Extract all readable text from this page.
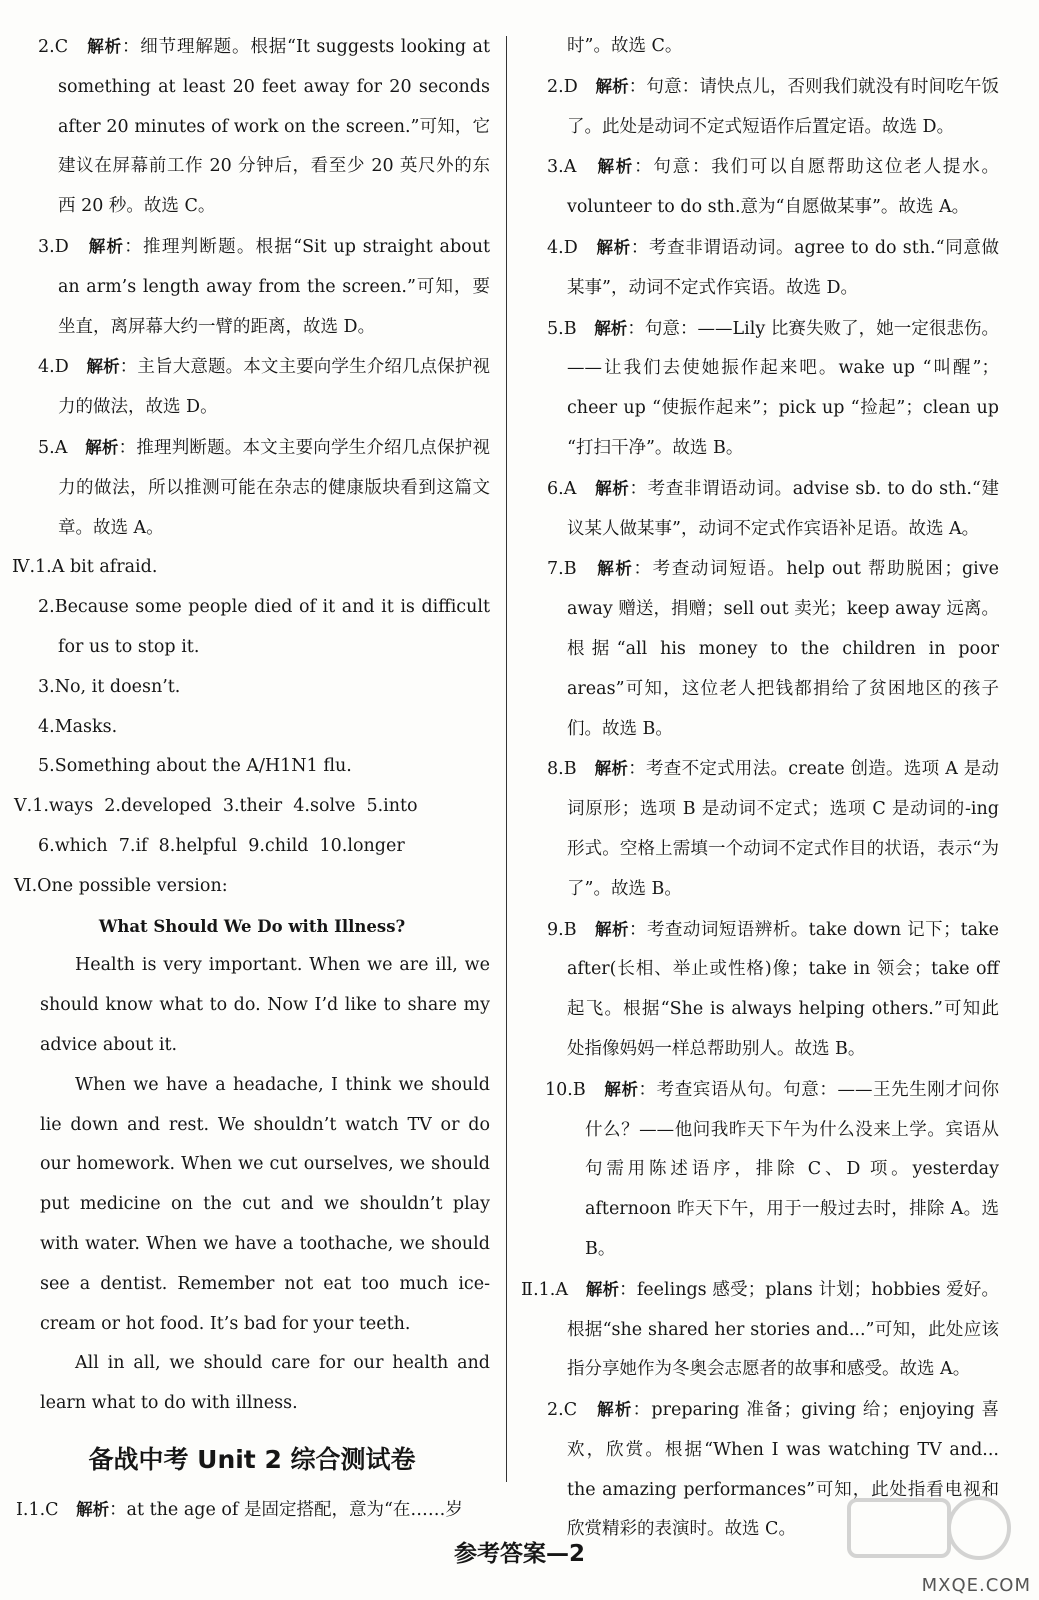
2.C　 解析：细节理解题。根据“It suggests looking at something at least 20 feet away for 20 seconds after 20 minutes of work on the screen.”可知，它建议在屏幕前工作 20 分钟后，看至少 20 英尺外的东西 20 秒。故选 C。

3.D　 解析：推理判断题。根据“Sit up straight about an arm’s length away from the screen.”可知，要坐直，离屏幕大约一臂的距离，故选 D。

4.D　 解析：主旨大意题。本文主要向学生介绍几点保护视力的做法，故选 D。

5.A　 解析：推理判断题。本文主要向学生介绍几点保护视力的做法，所以推测可能在杂志的健康版块看到这篇文章。故选 A。

Ⅳ.1.A bit afraid.

2.Because some people died of it and it is difficult for us to stop it.

3.No, it doesn’t.

4.Masks.

5.Something about the A/H1N1 flu.

Ⅴ.1.ways  2.developed  3.their  4.solve  5.into

6.which  7.if  8.helpful  9.child  10.longer

Ⅵ.One possible version:

What Should We Do with Illness?

Health is very important. When we are ill, we should know what to do. Now I’d like to share my advice about it.

When we have a headache, I think we should lie down and rest. We shouldn’t watch TV or do our homework. When we cut ourselves, we should put medicine on the cut and we shouldn’t play with water. When we have a toothache, we should see a dentist. Remember not eat too much ice-cream or hot food. It’s bad for your teeth.

All in all, we should care for our health and learn what to do with illness.

备战中考 Unit 2 综合测试卷

Ⅰ.1.C　 解析：at the age of 是固定搭配，意为“在……岁

时”。故选 C。

2.D　 解析：句意：请快点儿，否则我们就没有时间吃午饭了。此处是动词不定式短语作后置定语。故选 D。

3.A　 解析：句意：我们可以自愿帮助这位老人提水。volunteer to do sth.意为“自愿做某事”。故选 A。

4.D　 解析：考查非谓语动词。agree to do sth.“同意做某事”，动词不定式作宾语。故选 D。

5.B　 解析：句意：——Lily 比赛失败了，她一定很悲伤。——让我们去使她振作起来吧。wake up “叫醒”；cheer up “使振作起来”；pick up “捡起”；clean up “打扫干净”。故选 B。

6.A　 解析：考查非谓语动词。advise sb. to do sth.“建议某人做某事”，动词不定式作宾语补足语。故选 A。

7.B　 解析：考查动词短语。help out 帮助脱困；give away 赠送，捐赠；sell out 卖光；keep away 远离。根据“all his money to the children in poor areas”可知，这位老人把钱都捐给了贫困地区的孩子们。故选 B。

8.B　 解析：考查不定式用法。create 创造。选项 A 是动词原形；选项 B 是动词不定式；选项 C 是动词的-ing 形式。空格上需填一个动词不定式作目的状语，表示“为了”。故选 B。

9.B　 解析：考查动词短语辨析。take down 记下；take after(长相、举止或性格)像；take in 领会；take off 起飞。根据“She is always helping others.”可知此处指像妈妈一样总帮助别人。故选 B。

10.B　 解析：考查宾语从句。句意：——王先生刚才问你什么？——他问我昨天下午为什么没来上学。宾语从句需用陈述语序，排除 C、D 项。yesterday afternoon 昨天下午，用于一般过去时，排除 A。选 B。

Ⅱ.1.A　 解析：feelings 感受；plans 计划；hobbies 爱好。根据“she shared her stories and...”可知，此处应该指分享她作为冬奥会志愿者的故事和感受。故选 A。

2.C　 解析：preparing 准备；giving 给；enjoying 喜欢，欣赏。根据“When I was watching TV and... the amazing performances”可知，此处指看电视和欣赏精彩的表演时。故选 C。

参考答案—2
MXQE.COM
